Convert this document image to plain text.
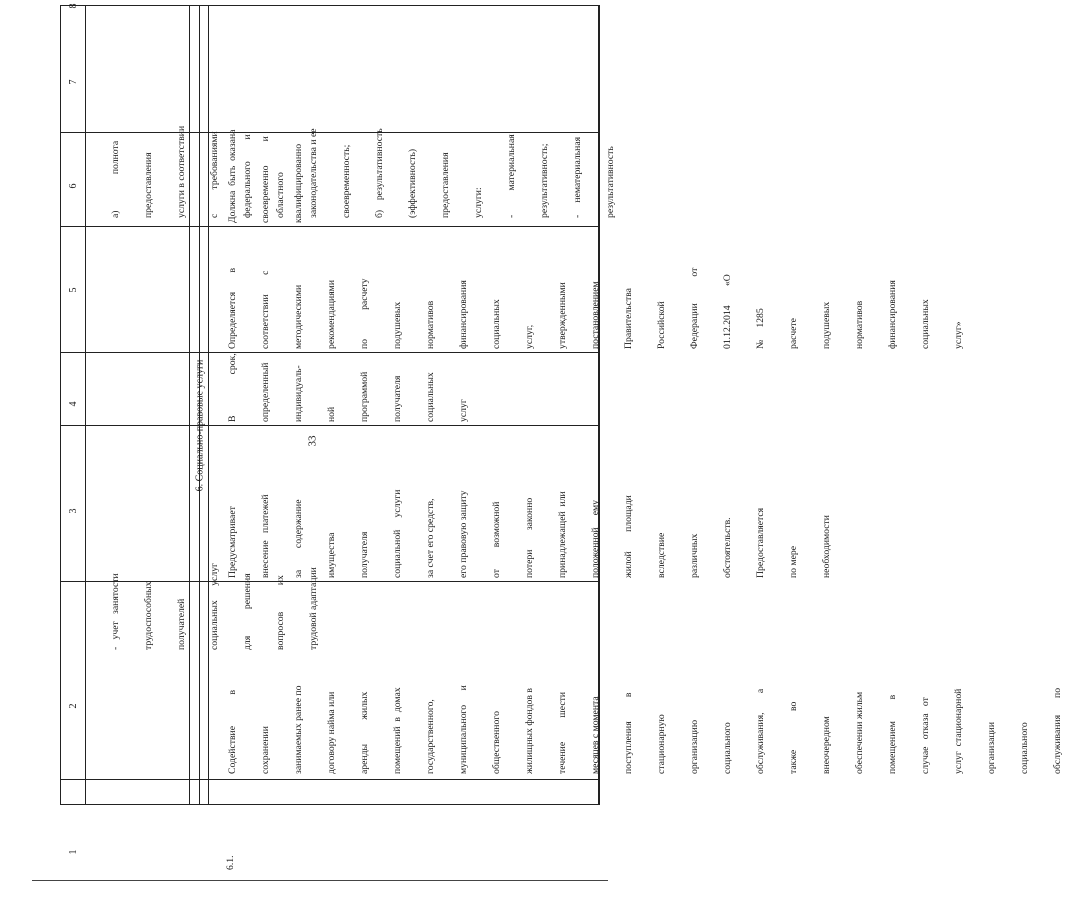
33
1
2
3
4
5
6
7
8

-   учет   занятости

трудоспособных

получателей

социальных      услуг

для           решения

вопросов           их

трудовой адаптации

а)               полнота

предоставления

услуги в соответствии

с          требованиями

федерального         и

областного

законодательства и ее

своевременность;

б)    результативность

(эффективность)

предоставления

услуги:

-          материальная

результативность;

-     нематериальная

результативность

6. Социально-правовые услуги

6.1.

Содействие             в

сохранении

занимаемых ранее по

договору найма или

аренды          жилых

помещений  в  домах

государственного,

муниципального      и

общественного

жилищных фондов в

течение          шести

месяцев с момента

поступления          в

стационарную

организацию

социального

обслуживания,        а

также                во

внеочередном

обеспечении жильм

помещением         в

случае   отказа   от

услуг  стационарной

организации

социального

обслуживания       по

Предусматривает

внесение   платежей

за         содержание

имущества

получателя

социальной     услуги

за счет его средств,

его правовую защиту

от         возможной

потери        законно

принадлежащей  или

положенной     ему

жилой        площади

вследствие

различных

обстоятельств.

Предоставляется

по мере

необходимости

В                 срок,

определенный

индивидуаль-

ной

программой

получателя

социальных

услуг

Определяется        в

соответствии        с

методическими

рекомендациями

по            расчету

подушевых

нормативов

финансирования

социальных

услуг,

утвержденными

постановлением

Правительства

Российской

Федерации           от

01.12.2014        «О

№     1285

расчете

подушевых

нормативов

финансирования

социальных

услуг»

Должна  быть  оказана

своевременно          и

квалифицированно
